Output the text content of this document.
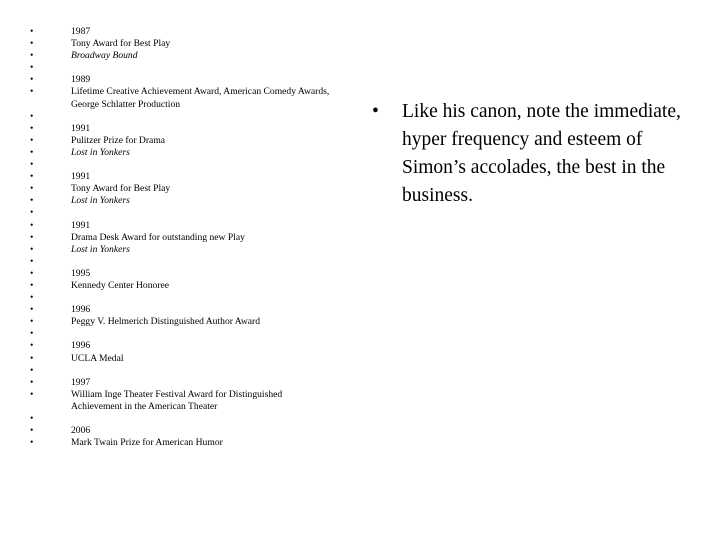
•	1987
•	Tony Award for Best Play
•	Broadway Bound
•
•	1989
•	Lifetime Creative Achievement Award, American Comedy Awards, George Schlatter Production
•
•	1991
•	Pulitzer Prize for Drama
•	Lost in Yonkers
•
•	1991
•	Tony Award for Best Play
•	Lost in Yonkers
•
•	1991
•	Drama Desk Award for outstanding new Play
•	Lost in Yonkers
•
•	1995
•	Kennedy Center Honoree
•
•	1996
•	Peggy V. Helmerich Distinguished Author Award
•
•	1996
•	UCLA Medal
•
•	1997
•	William Inge Theater Festival Award for Distinguished Achievement in the American Theater
•
•	2006
•	Mark Twain Prize for American Humor
•	Like his canon, note the immediate, hyper frequency and esteem of Simon’s accolades, the best in the business.
